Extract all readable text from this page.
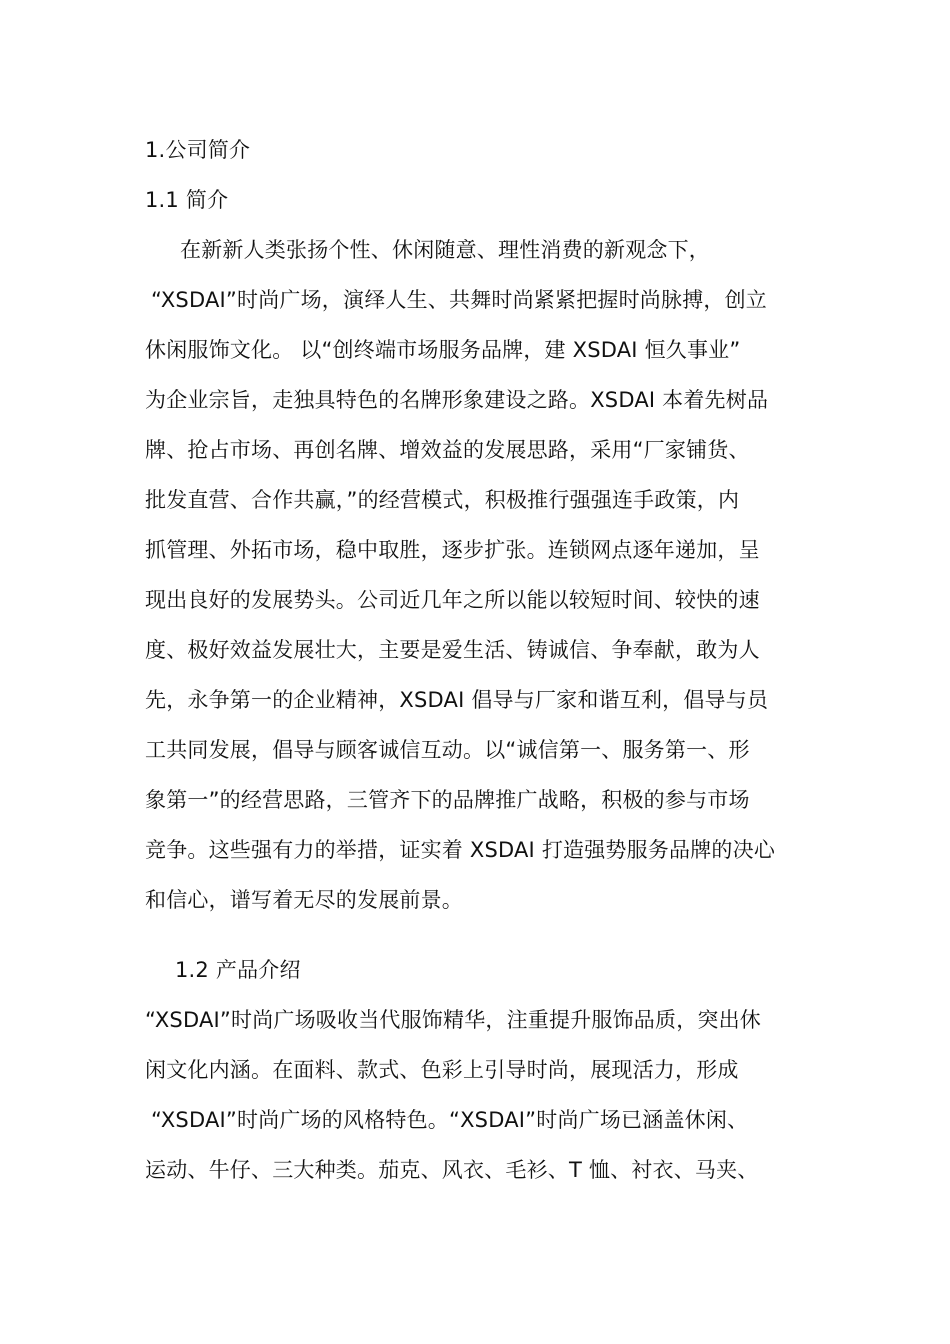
1.公司简介
1.1 简介
在新新人类张扬个性、休闲随意、理性消费的新观念下，
“XSDAI”时尚广场，演绎人生、共舞时尚紧紧把握时尚脉搏，创立
休闲服饰文化。 以“创终端市场服务品牌，建 XSDAI 恒久事业”
为企业宗旨，走独具特色的名牌形象建设之路。XSDAI 本着先树品
牌、抢占市场、再创名牌、增效益的发展思路，采用“厂家铺货、
批发直营、合作共赢，”的经营模式，积极推行强强连手政策，内
抓管理、外拓市场，稳中取胜，逐步扩张。连锁网点逐年递加，呈
现出良好的发展势头。公司近几年之所以能以较短时间、较快的速
度、极好效益发展壮大，主要是爱生活、铸诚信、争奉献，敢为人
先，永争第一的企业精神，XSDAI 倡导与厂家和谐互利，倡导与员
工共同发展，倡导与顾客诚信互动。以“诚信第一、服务第一、形
象第一”的经营思路，三管齐下的品牌推广战略，积极的参与市场
竞争。这些强有力的举措，证实着 XSDAI 打造强势服务品牌的决心
和信心，谱写着无尽的发展前景。
1.2 产品介绍
“XSDAI”时尚广场吸收当代服饰精华，注重提升服饰品质，突出休
闲文化内涵。在面料、款式、色彩上引导时尚，展现活力，形成
“XSDAI”时尚广场的风格特色。“XSDAI”时尚广场已涵盖休闲、
运动、牛仔、三大种类。茄克、风衣、毛衫、T 恤、衬衣、马夹、
